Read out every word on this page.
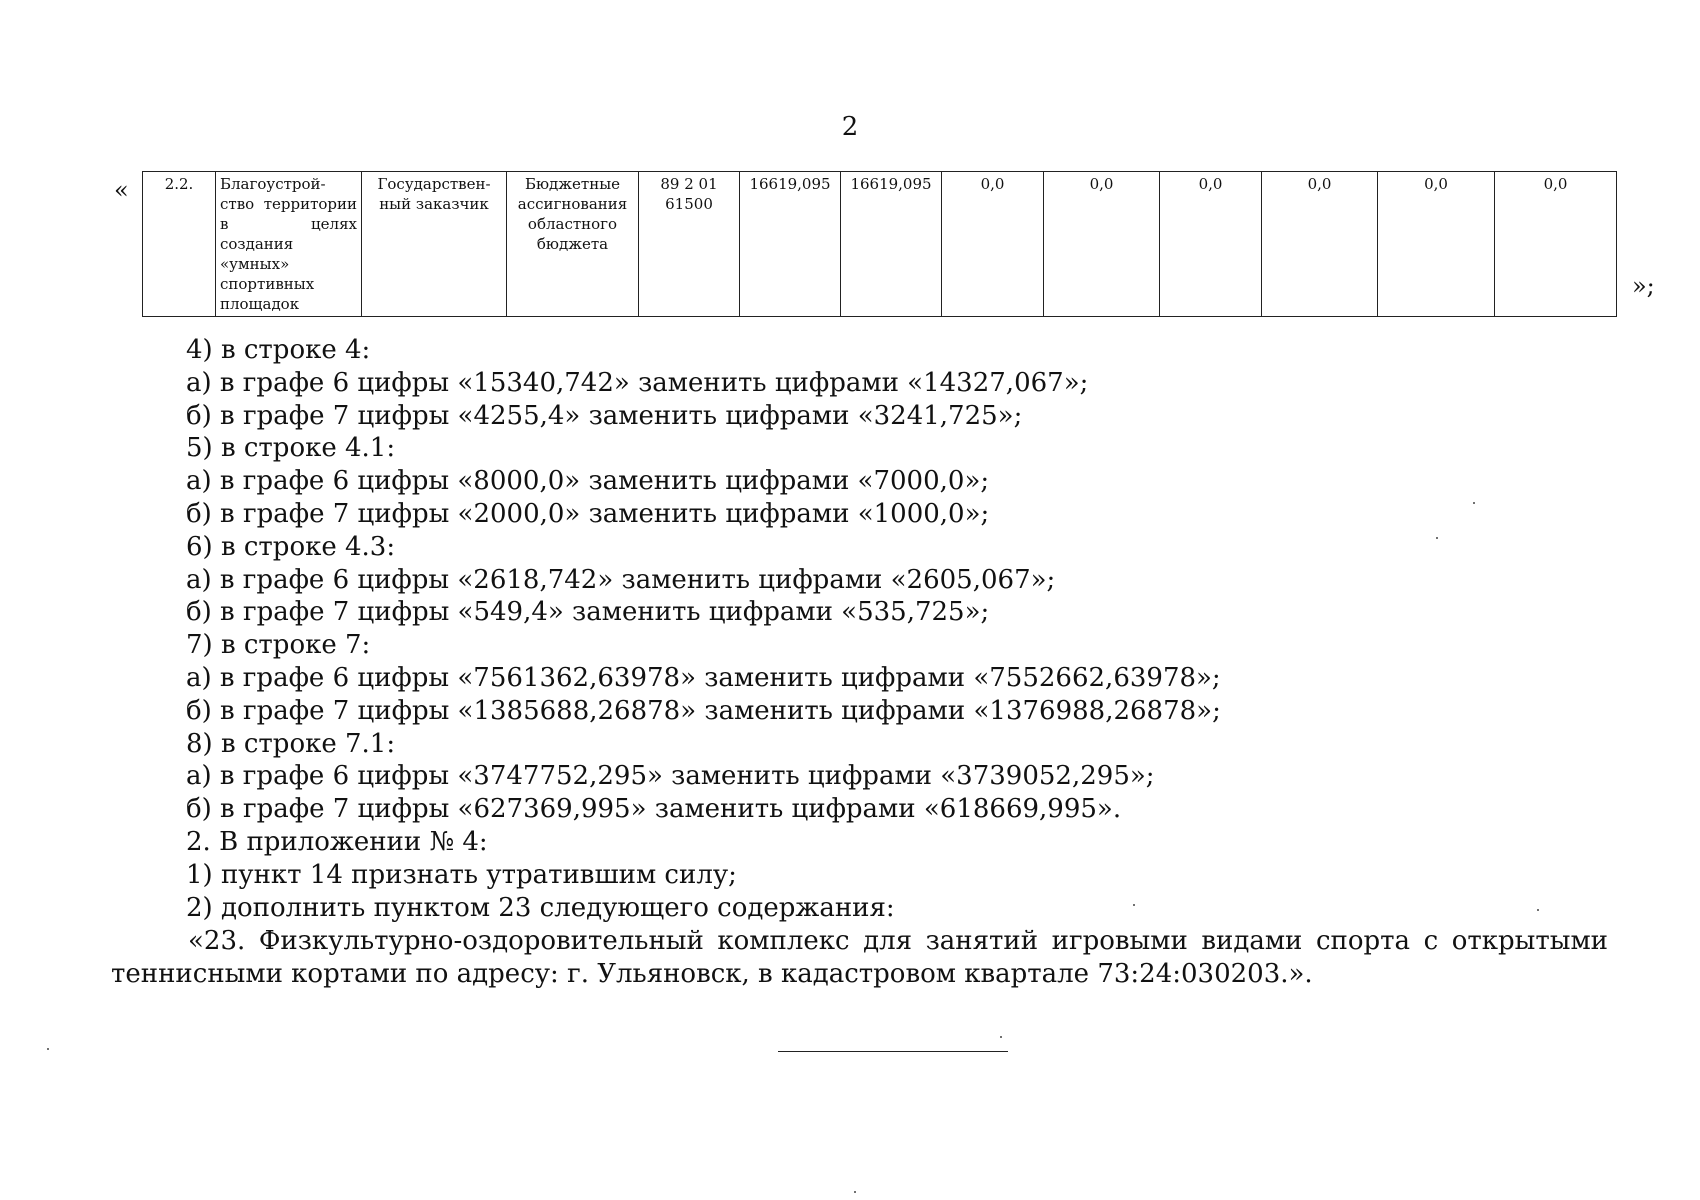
2
« 2.2.	Благоустрой-ство территории в целях создания «умных» спортивных площадок	Государствен-ный заказчик	Бюджетные ассигнования областного бюджета	89 2 01 61500	16619,095	16619,095	0,0	0,0	0,0	0,0	0,0	0,0
»;

4) в строке 4:

а) в графе 6 цифры «15340,742» заменить цифрами «14327,067»;

б) в графе 7 цифры «4255,4» заменить цифрами «3241,725»;

5) в строке 4.1:

а) в графе 6 цифры «8000,0» заменить цифрами «7000,0»;

б) в графе 7 цифры «2000,0» заменить цифрами «1000,0»;

6) в строке 4.3:

а) в графе 6 цифры «2618,742» заменить цифрами «2605,067»;

б) в графе 7 цифры «549,4» заменить цифрами «535,725»;

7) в строке 7:

а) в графе 6 цифры «7561362,63978» заменить цифрами «7552662,63978»;

б) в графе 7 цифры «1385688,26878» заменить цифрами «1376988,26878»;

8) в строке 7.1:

а) в графе 6 цифры «3747752,295» заменить цифрами «3739052,295»;

б) в графе 7 цифры «627369,995» заменить цифрами «618669,995».

2. В приложении № 4:

1) пункт 14 признать утратившим силу;

2) дополнить пунктом 23 следующего содержания:

«23. Физкультурно-оздоровительный комплекс для занятий игровыми видами спорта с открытыми теннисными кортами по адресу: г. Ульяновск, в кадастровом квартале 73:24:030203.».
